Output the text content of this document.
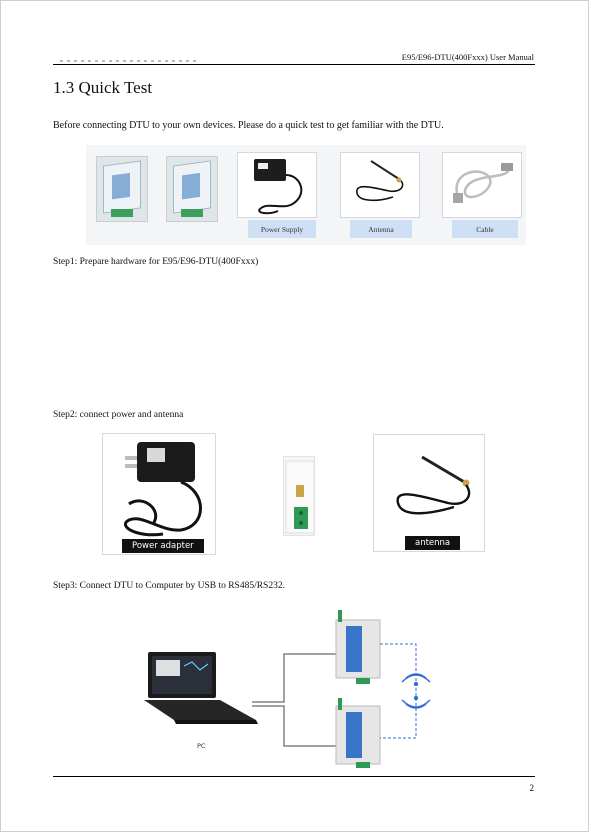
E95/E96-DTU(400Fxxx) User Manual
1.3 Quick Test
Before connecting DTU to your own devices. Please do a quick test to get familiar with the DTU.
Power Supply	Antenna	Cable
Step1: Prepare hardware for E95/E96-DTU(400Fxxx)
Step2: connect power and antenna
Power adapter	antenna
Step3: Connect DTU to Computer by USB to RS485/RS232.
PC
2
